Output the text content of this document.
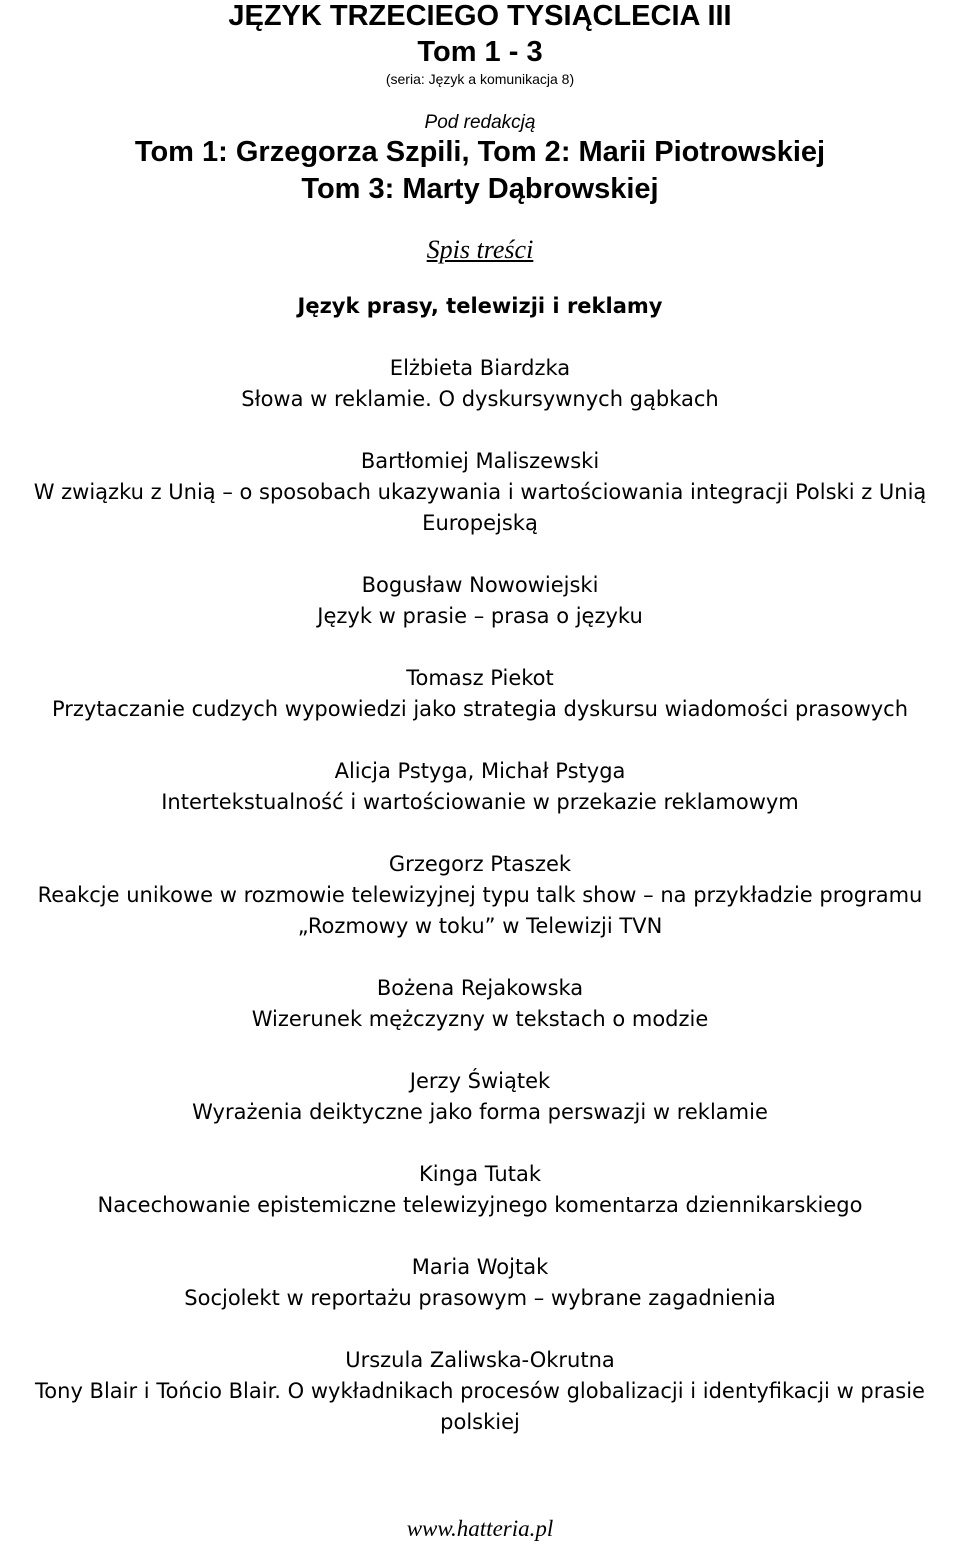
JĘZYK TRZECIEGO TYSIĄCLECIA III
Tom 1 - 3

(seria: Język a komunikacja 8)

Pod redakcją

Tom 1: Grzegorza Szpili, Tom 2: Marii Piotrowskiej
Tom 3: Marty Dąbrowskiej
Spis treści
Język prasy, telewizji i reklamy
Elżbieta Biardzka
Słowa w reklamie. O dyskursywnych gąbkach
Bartłomiej Maliszewski
W związku z Unią – o sposobach ukazywania i wartościowania integracji Polski z Unią Europejską
Bogusław Nowowiejski
Język w prasie – prasa o języku
Tomasz Piekot
Przytaczanie cudzych wypowiedzi jako strategia dyskursu wiadomości prasowych
Alicja Pstyga, Michał Pstyga
Intertekstualność i wartościowanie w przekazie reklamowym
Grzegorz Ptaszek
Reakcje unikowe w rozmowie telewizyjnej typu talk show – na przykładzie programu „Rozmowy w toku” w Telewizji TVN
Bożena Rejakowska
Wizerunek mężczyzny w tekstach o modzie
Jerzy Świątek
Wyrażenia deiktyczne jako forma perswazji w reklamie
Kinga Tutak
Nacechowanie epistemiczne telewizyjnego komentarza dziennikarskiego
Maria Wojtak
Socjolekt w reportażu prasowym – wybrane zagadnienia
Urszula Zaliwska-Okrutna
Tony Blair i Tońcio Blair. O wykładnikach procesów globalizacji i identyfikacji w prasie polskiej
www.hatteria.pl
